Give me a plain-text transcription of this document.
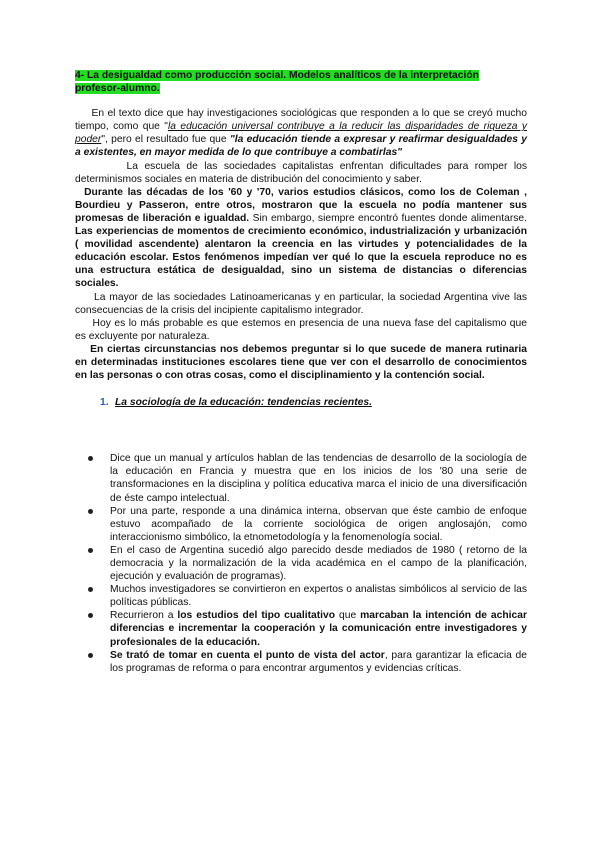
4- La desigualdad como producción social. Modelos analíticos de la interpretación
profesor-alumno.

En el texto dice que hay investigaciones sociológicas que responden a lo que se creyó mucho tiempo, como que "la educación universal contribuye a la reducir las disparidades de riqueza y poder", pero el resultado fue que "la educación tiende a expresar y reafirmar desigualdades y a existentes, en mayor medida de lo que contribuye a combatirlas"

La escuela de las sociedades capitalistas enfrentan dificultades para romper los determinismos sociales en materia de distribución del conocimiento y saber.

Durante las décadas de los '60 y '70, varios estudios clásicos, como los de Coleman , Bourdieu y Passeron, entre otros, mostraron que la escuela no podía mantener sus promesas de liberación e igualdad. Sin embargo, siempre encontró fuentes donde alimentarse. Las experiencias de momentos de crecimiento económico, industrialización y urbanización ( movilidad ascendente) alentaron la creencia en las virtudes y potencialidades de la educación escolar. Estos fenómenos impedían ver qué lo que la escuela reproduce no es una estructura estática de desigualdad, sino un sistema de distancias o diferencias sociales.

La mayor de las sociedades Latinoamericanas y en particular, la sociedad Argentina vive las consecuencias de la crisis del incipiente capitalismo integrador.

Hoy es lo más probable es que estemos en presencia de una nueva fase del capitalismo que es excluyente por naturaleza.

En ciertas circunstancias nos debemos preguntar si lo que sucede de manera rutinaria en determinadas instituciones escolares tiene que ver con el desarrollo de conocimientos en las personas o con otras cosas, como el disciplinamiento y la contención social.

1. La sociología de la educación: tendencias recientes.
Dice que un manual y artículos hablan de las tendencias de desarrollo de la sociología de la educación en Francia y muestra que en los inicios de los '80 una serie de transformaciones en la disciplina y política educativa marca el inicio de una diversificación de éste campo intelectual.
Por una parte, responde a una dinámica interna, observan que éste cambio de enfoque estuvo acompañado de la corriente sociológica de origen anglosajón, como interaccionismo simbólico, la etnometodología y la fenomenología social.
En el caso de Argentina sucedió algo parecido desde mediados de 1980 ( retorno de la democracia y la normalización de la vida académica en el campo de la planificación, ejecución y evaluación de programas).
Muchos investigadores se convirtieron en expertos o analistas simbólicos al servicio de las políticas públicas.
Recurrieron a los estudios del tipo cualitativo que marcaban la intención de achicar diferencias e incrementar la cooperación y la comunicación entre investigadores y profesionales de la educación.
Se trató de tomar en cuenta el punto de vista del actor, para garantizar la eficacia de los programas de reforma o para encontrar argumentos y evidencias críticas.
